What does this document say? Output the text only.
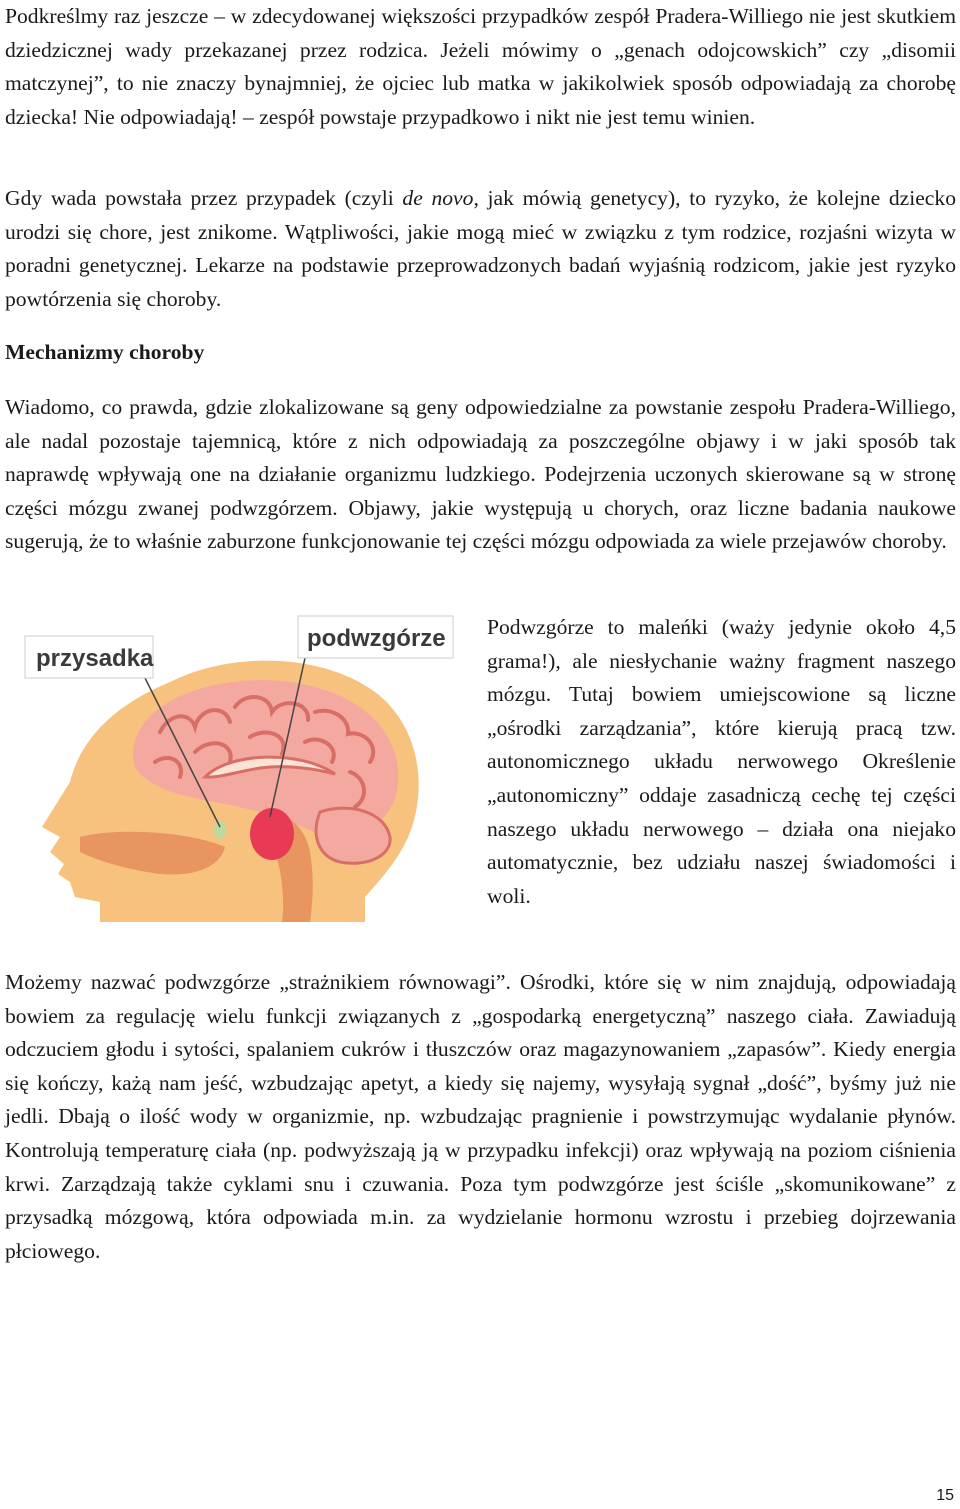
Podkreślmy raz jeszcze – w zdecydowanej większości przypadków zespół Pradera-Williego nie jest skutkiem dziedzicznej wady przekazanej przez rodzica. Jeżeli mówimy o „genach odojcowskich” czy „disomii matczynej”, to nie znaczy bynajmniej, że ojciec lub matka w jakikolwiek sposób odpowiadają za chorobę dziecka! Nie odpowiadają! – zespół powstaje przypadkowo i nikt nie jest temu winien.

Gdy wada powstała przez przypadek (czyli de novo, jak mówią genetycy), to ryzyko, że kolejne dziecko urodzi się chore, jest znikome. Wątpliwości, jakie mogą mieć w związku z tym rodzice, rozjaśni wizyta w poradni genetycznej. Lekarze na podstawie przeprowadzonych badań wyjaśnią rodzicom, jakie jest ryzyko powtórzenia się choroby.

Mechanizmy choroby

Wiadomo, co prawda, gdzie zlokalizowane są geny odpowiedzialne za powstanie zespołu Pradera-Williego, ale nadal pozostaje tajemnicą, które z nich odpowiadają za poszczególne objawy i w jaki sposób tak naprawdę wpływają one na działanie organizmu ludzkiego. Podejrzenia uczonych skierowane są w stronę części mózgu zwanej podwzgórzem. Objawy, jakie występują u chorych, oraz liczne badania naukowe sugerują, że to właśnie zaburzone funkcjonowanie tej części mózgu odpowiada za wiele przejawów choroby.

przysadka
podwzgórze Podwzgórze to maleńki (waży jedynie około 4,5 grama!), ale niesłychanie ważny fragment naszego mózgu. Tutaj bowiem umiejscowione są liczne „ośrodki zarządzania”, które kierują pracą tzw. autonomicznego układu nerwowego Określenie „autonomiczny” oddaje zasadniczą cechę tej części naszego układu nerwowego – działa ona niejako automatycznie, bez udziału naszej świadomości i woli.

Możemy nazwać podwzgórze „strażnikiem równowagi”. Ośrodki, które się w nim znajdują, odpowiadają bowiem za regulację wielu funkcji związanych z „gospodarką energetyczną” naszego ciała. Zawiadują odczuciem głodu i sytości, spalaniem cukrów i tłuszczów oraz magazynowaniem „zapasów”. Kiedy energia się kończy, każą nam jeść, wzbudzając apetyt, a kiedy się najemy, wysyłają sygnał „dość”, byśmy już nie jedli. Dbają o ilość wody w organizmie, np. wzbudzając pragnienie i powstrzymując wydalanie płynów. Kontrolują temperaturę ciała (np. podwyższają ją w przypadku infekcji) oraz wpływają na poziom ciśnienia krwi. Zarządzają także cyklami snu i czuwania. Poza tym podwzgórze jest ściśle „skomunikowane” z przysadką mózgową, która odpowiada m.in. za wydzielanie hormonu wzrostu i przebieg dojrzewania płciowego.

15
